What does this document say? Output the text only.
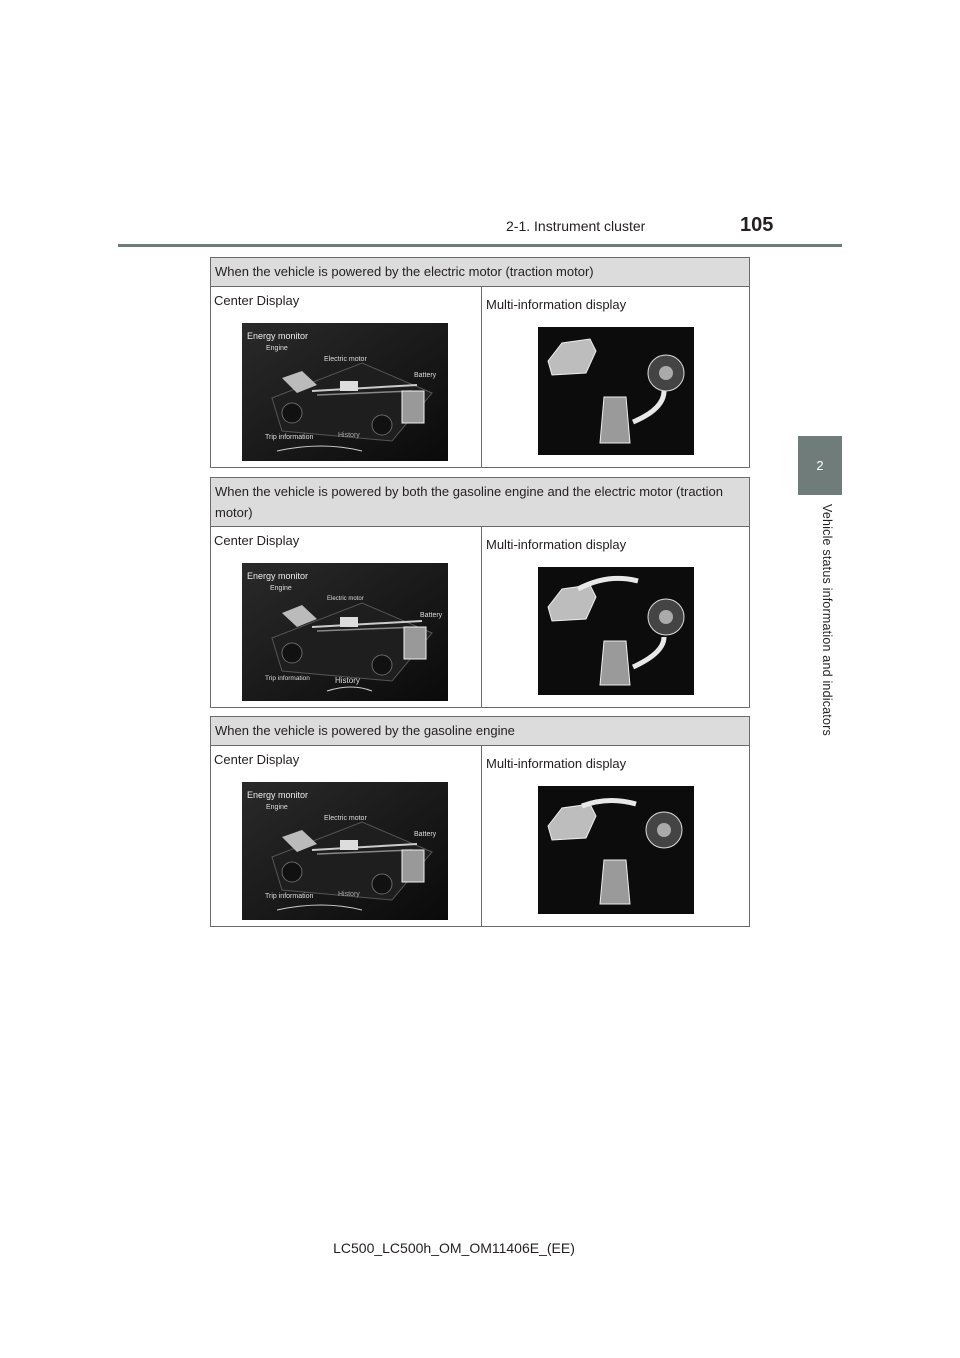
2-1. Instrument cluster	105
2
Vehicle status information and indicators
When the vehicle is powered by the electric motor (traction motor)

Center Display
Energy monitor
Engine
Electric motor
Battery
Trip information	History

Multi-information display
When the vehicle is powered by both the gasoline engine and the electric motor (traction motor)

Center Display
Energy monitor
Engine
Electric motor
Battery
Trip information	History

Multi-information display
When the vehicle is powered by the gasoline engine

Center Display
Energy monitor
Engine
Electric motor
Battery
Trip information	History

Multi-information display
LC500_LC500h_OM_OM11406E_(EE)
